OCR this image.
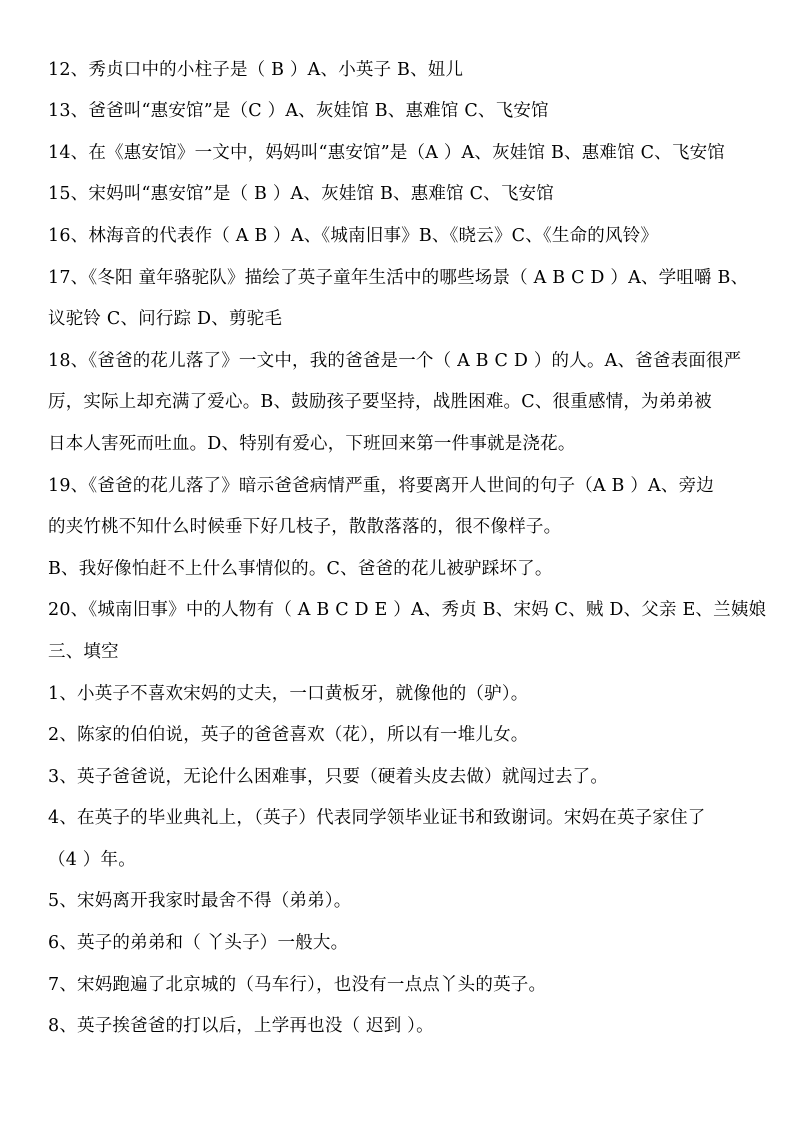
12、秀贞口中的小柱子是（ B ）A、小英子 B、妞儿
13、爸爸叫“惠安馆”是（C ）A、灰娃馆 B、惠难馆 C、飞安馆
14、在《惠安馆》一文中，妈妈叫“惠安馆”是（A ）A、灰娃馆 B、惠难馆 C、飞安馆
15、宋妈叫“惠安馆”是（ B ）A、灰娃馆 B、惠难馆 C、飞安馆
16、林海音的代表作（ A B ）A、《城南旧事》B、《晓云》C、《生命的风铃》
17、《冬阳 童年骆驼队》描绘了英子童年生活中的哪些场景（ A B C D ）A、学咀嚼 B、
议驼铃 C、问行踪 D、剪驼毛
18、《爸爸的花儿落了》一文中，我的爸爸是一个（ A B C D ）的人。A、爸爸表面很严
厉，实际上却充满了爱心。B、鼓励孩子要坚持，战胜困难。C、很重感情，为弟弟被
日本人害死而吐血。D、特别有爱心，下班回来第一件事就是浇花。
19、《爸爸的花儿落了》暗示爸爸病情严重，将要离开人世间的句子（A B ）A、旁边
的夹竹桃不知什么时候垂下好几枝子，散散落落的，很不像样子。
B、我好像怕赶不上什么事情似的。C、爸爸的花儿被驴踩坏了。
20、《城南旧事》中的人物有（ A B C D E ）A、秀贞 B、宋妈 C、贼 D、父亲 E、兰姨娘
三、填空
1、小英子不喜欢宋妈的丈夫，一口黄板牙，就像他的（驴）。
2、陈家的伯伯说，英子的爸爸喜欢（花），所以有一堆儿女。
3、英子爸爸说，无论什么困难事，只要（硬着头皮去做）就闯过去了。
4、在英子的毕业典礼上，（英子）代表同学领毕业证书和致谢词。宋妈在英子家住了
（4 ）年。
5、宋妈离开我家时最舍不得（弟弟）。
6、英子的弟弟和（ 丫头子）一般大。
7、宋妈跑遍了北京城的（马车行），也没有一点点丫头的英子。
8、英子挨爸爸的打以后，上学再也没（ 迟到 ）。
